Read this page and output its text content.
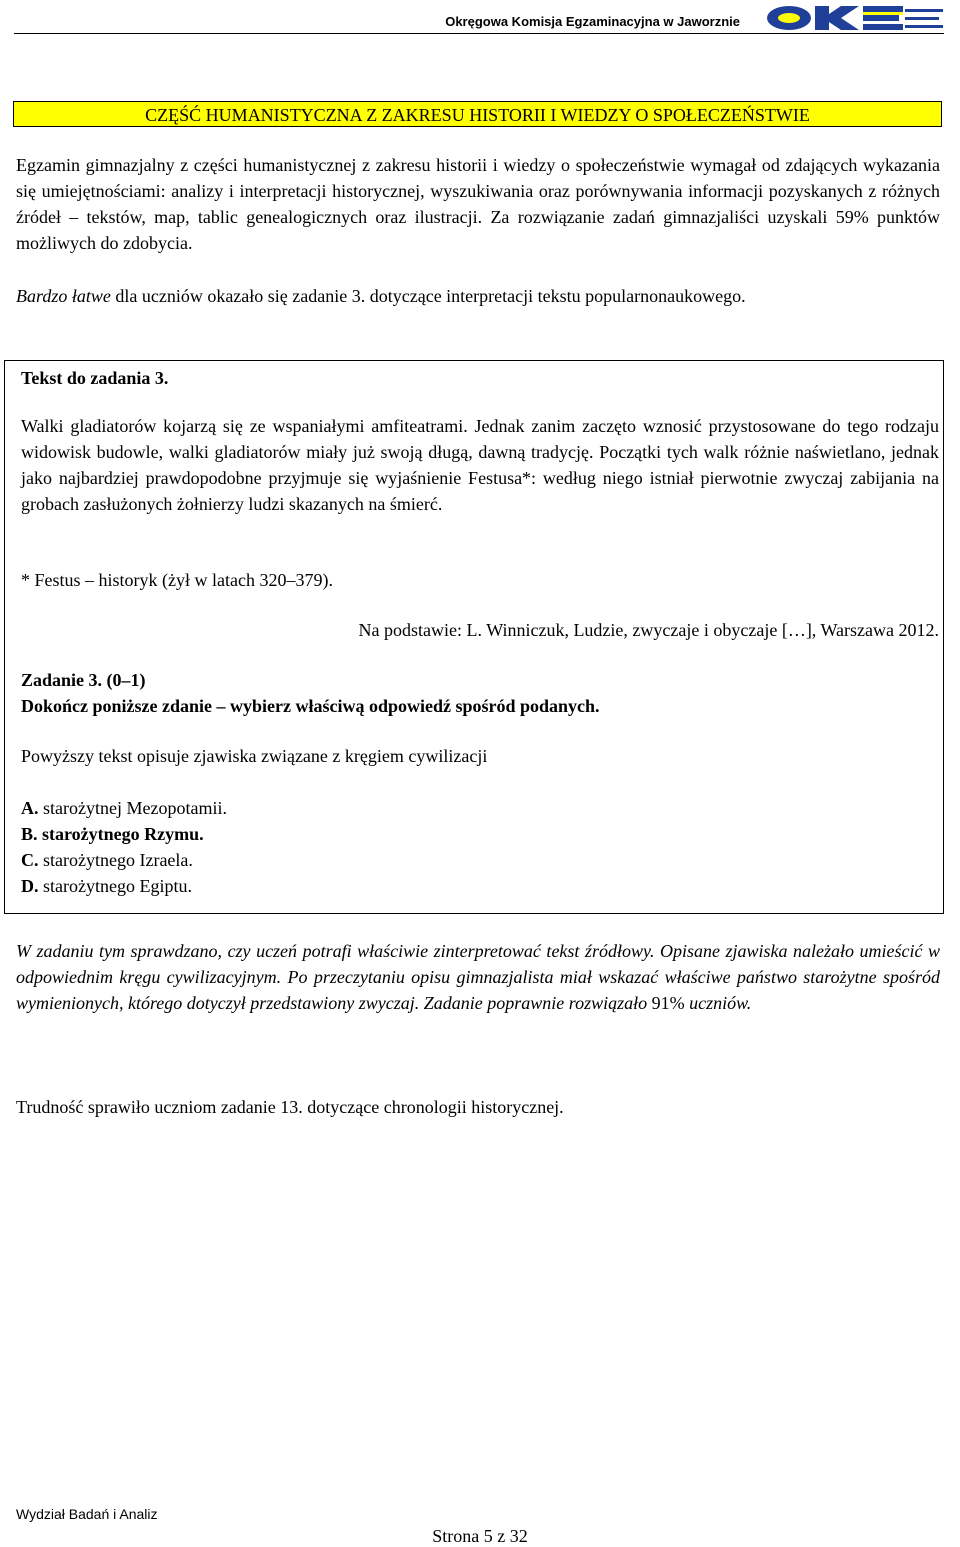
Okręgowa Komisja Egzaminacyjna w Jaworznie
CZĘŚĆ HUMANISTYCZNA Z ZAKRESU HISTORII I WIEDZY O SPOŁECZEŃSTWIE
Egzamin gimnazjalny z części humanistycznej z zakresu historii i wiedzy o społeczeństwie wymagał od zdających wykazania się umiejętnościami: analizy i interpretacji historycznej, wyszukiwania oraz porównywania informacji pozyskanych z różnych źródeł – tekstów, map, tablic genealogicznych oraz ilustracji. Za rozwiązanie zadań gimnazjaliści uzyskali 59% punktów możliwych do zdobycia.
Bardzo łatwe dla uczniów okazało się zadanie 3. dotyczące interpretacji tekstu popularnonaukowego.
Tekst do zadania 3.
Walki gladiatorów kojarzą się ze wspaniałymi amfiteatrami. Jednak zanim zaczęto wznosić przystosowane do tego rodzaju widowisk budowle, walki gladiatorów miały już swoją długą, dawną tradycję. Początki tych walk różnie naświetlano, jednak jako najbardziej prawdopodobne przyjmuje się wyjaśnienie Festusa*: według niego istniał pierwotnie zwyczaj zabijania na grobach zasłużonych żołnierzy ludzi skazanych na śmierć.
* Festus – historyk (żył w latach 320–379).
Na podstawie: L. Winniczuk, Ludzie, zwyczaje i obyczaje […], Warszawa 2012.
Zadanie 3. (0–1)
Dokończ poniższe zdanie – wybierz właściwą odpowiedź spośród podanych.
Powyższy tekst opisuje zjawiska związane z kręgiem cywilizacji
A. starożytnej Mezopotamii.
B. starożytnego Rzymu.
C. starożytnego Izraela.
D. starożytnego Egiptu.
W zadaniu tym sprawdzano, czy uczeń potrafi właściwie zinterpretować tekst źródłowy. Opisane zjawiska należało umieścić w odpowiednim kręgu cywilizacyjnym. Po przeczytaniu opisu gimnazjalista miał wskazać właściwe państwo starożytne spośród wymienionych, którego dotyczył przedstawiony zwyczaj. Zadanie poprawnie rozwiązało 91% uczniów.
Trudność sprawiło uczniom zadanie 13. dotyczące chronologii historycznej.
Wydział Badań i Analiz
Strona 5 z 32
